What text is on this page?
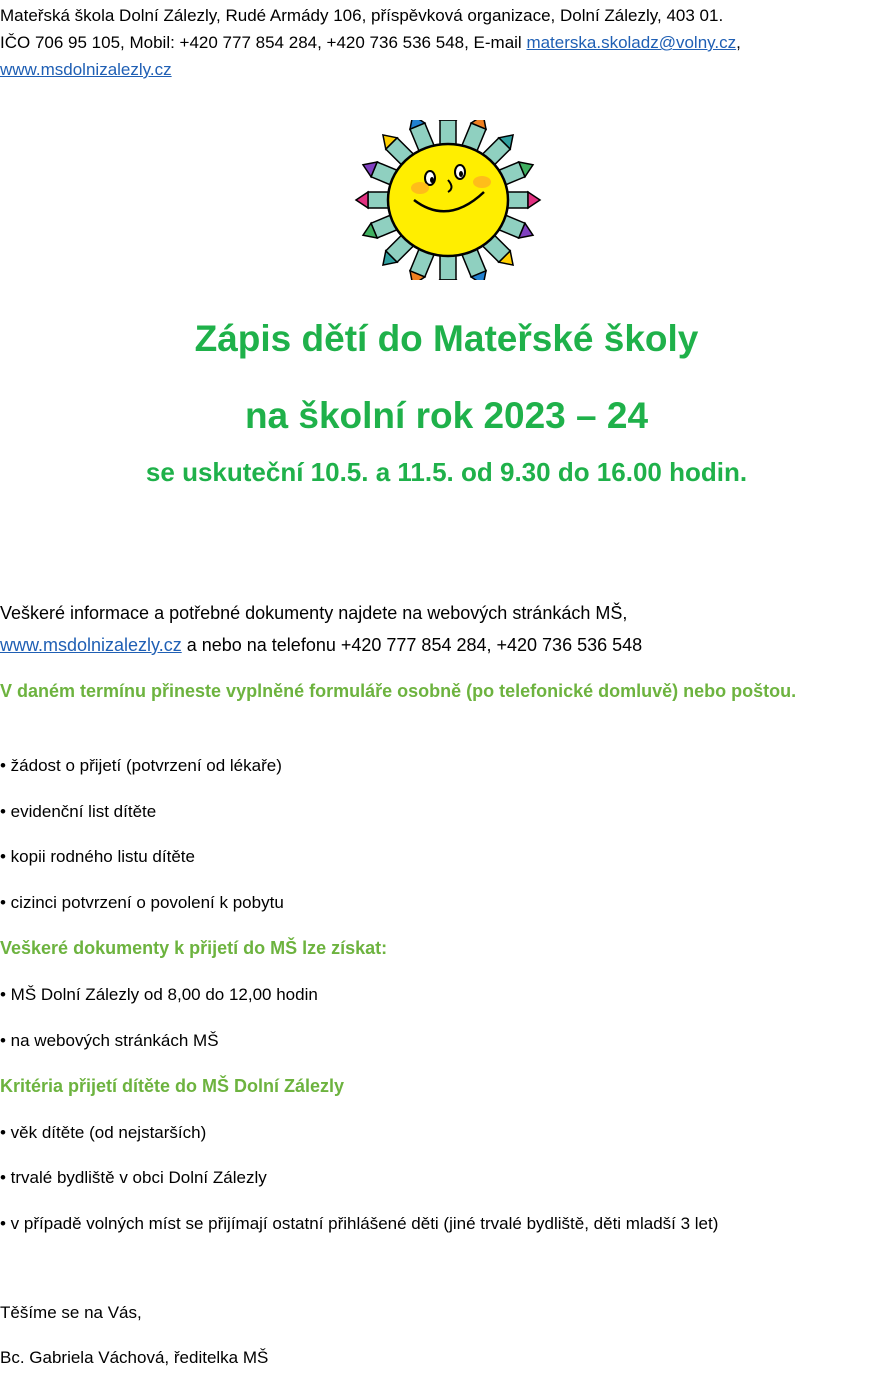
Mateřská škola Dolní Zálezly, Rudé Armády 106, příspěvková organizace, Dolní Zálezly, 403 01.
IČO 706 95 105, Mobil: +420 777 854 284, +420 736 536 548, E-mail materska.skoladz@volny.cz,
www.msdolnizalezly.cz
Zápis dětí do Mateřské školy
na školní rok 2023 – 24
se uskuteční 10.5. a 11.5. od 9.30 do 16.00 hodin.
Veškeré informace a potřebné dokumenty najdete na webových stránkách MŠ,
www.msdolnizalezly.cz a nebo na telefonu +420 777 854 284, +420 736 536 548
V daném termínu přineste vyplněné formuláře osobně (po telefonické domluvě) nebo poštou.
• žádost o přijetí (potvrzení od lékaře)
• evidenční list dítěte
• kopii rodného listu dítěte
• cizinci potvrzení o povolení k pobytu
Veškeré dokumenty k přijetí do MŠ lze získat:
• MŠ Dolní Zálezly od 8,00 do 12,00 hodin
• na webových stránkách MŠ
Kritéria přijetí dítěte do MŠ Dolní Zálezly
• věk dítěte (od nejstarších)
• trvalé bydliště v obci Dolní Zálezly
• v případě volných míst se přijímají ostatní přihlášené děti (jiné trvalé bydliště, děti mladší 3 let)
Těšíme se na Vás,
Bc. Gabriela Váchová, ředitelka MŠ
